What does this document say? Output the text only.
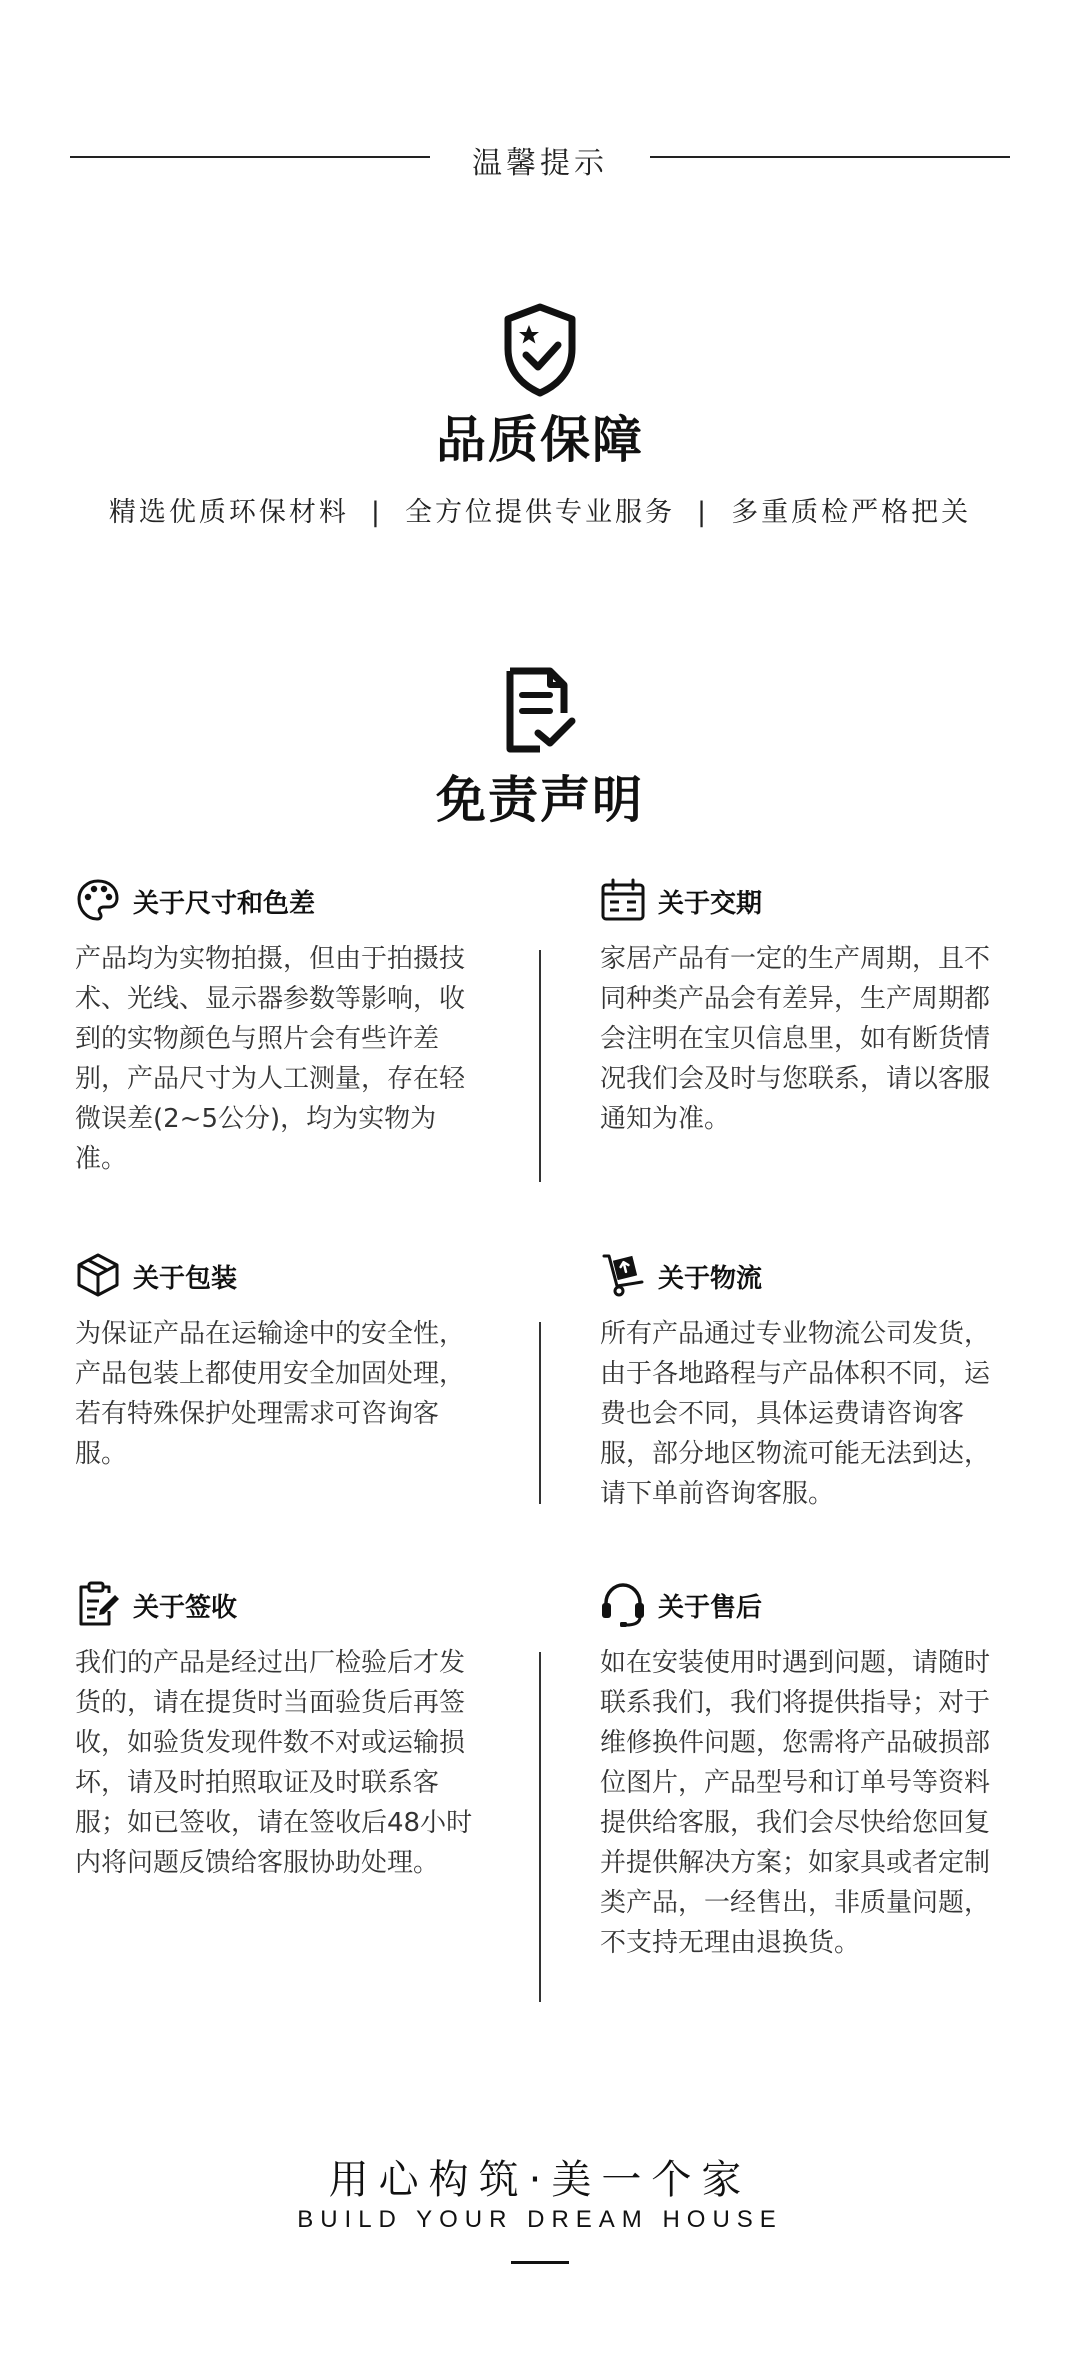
温馨提示
品质保障
精选优质环保材料 | 全方位提供专业服务 | 多重质检严格把关
免责声明
关于尺寸和色差
产品均为实物拍摄，但由于拍摄技术、光线、显示器参数等影响，收到的实物颜色与照片会有些许差别，产品尺寸为人工测量，存在轻微误差(2~5公分)，均为实物为准。
关于交期
家居产品有一定的生产周期，且不同种类产品会有差异，生产周期都会注明在宝贝信息里，如有断货情况我们会及时与您联系，请以客服通知为准。
关于包装
为保证产品在运输途中的安全性，产品包装上都使用安全加固处理，若有特殊保护处理需求可咨询客服。
关于物流
所有产品通过专业物流公司发货，由于各地路程与产品体积不同，运费也会不同，具体运费请咨询客服，部分地区物流可能无法到达，请下单前咨询客服。
关于签收
我们的产品是经过出厂检验后才发货的，请在提货时当面验货后再签收，如验货发现件数不对或运输损坏，请及时拍照取证及时联系客服；如已签收，请在签收后48小时内将问题反馈给客服协助处理。
关于售后
如在安装使用时遇到问题，请随时联系我们，我们将提供指导；对于维修换件问题，您需将产品破损部位图片，产品型号和订单号等资料提供给客服，我们会尽快给您回复并提供解决方案；如家具或者定制类产品，一经售出，非质量问题，不支持无理由退换货。
用心构筑·美一个家
BUILD YOUR DREAM HOUSE
